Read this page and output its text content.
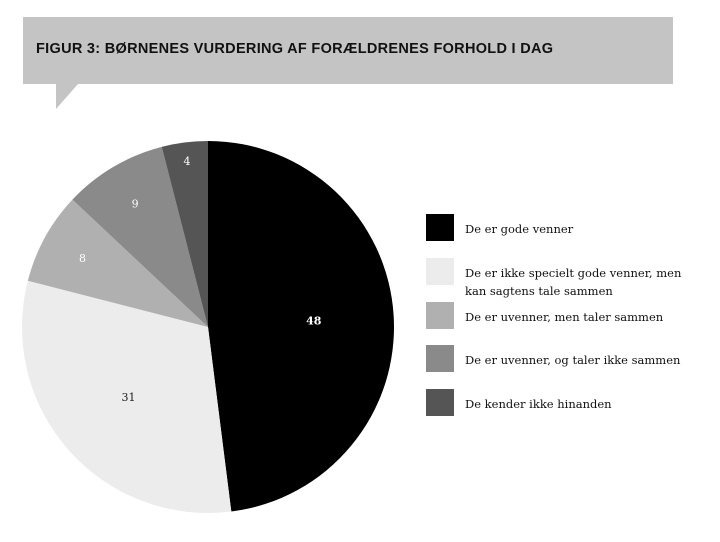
FIGUR 3: BØRNENES VURDERING AF FORÆLDRENES FORHOLD I DAG
48
31
8
9
4
De er gode venner
De er ikke specielt gode venner, men kan sagtens tale sammen
De er uvenner, men taler sammen
De er uvenner, og taler ikke sammen
De kender ikke hinanden
